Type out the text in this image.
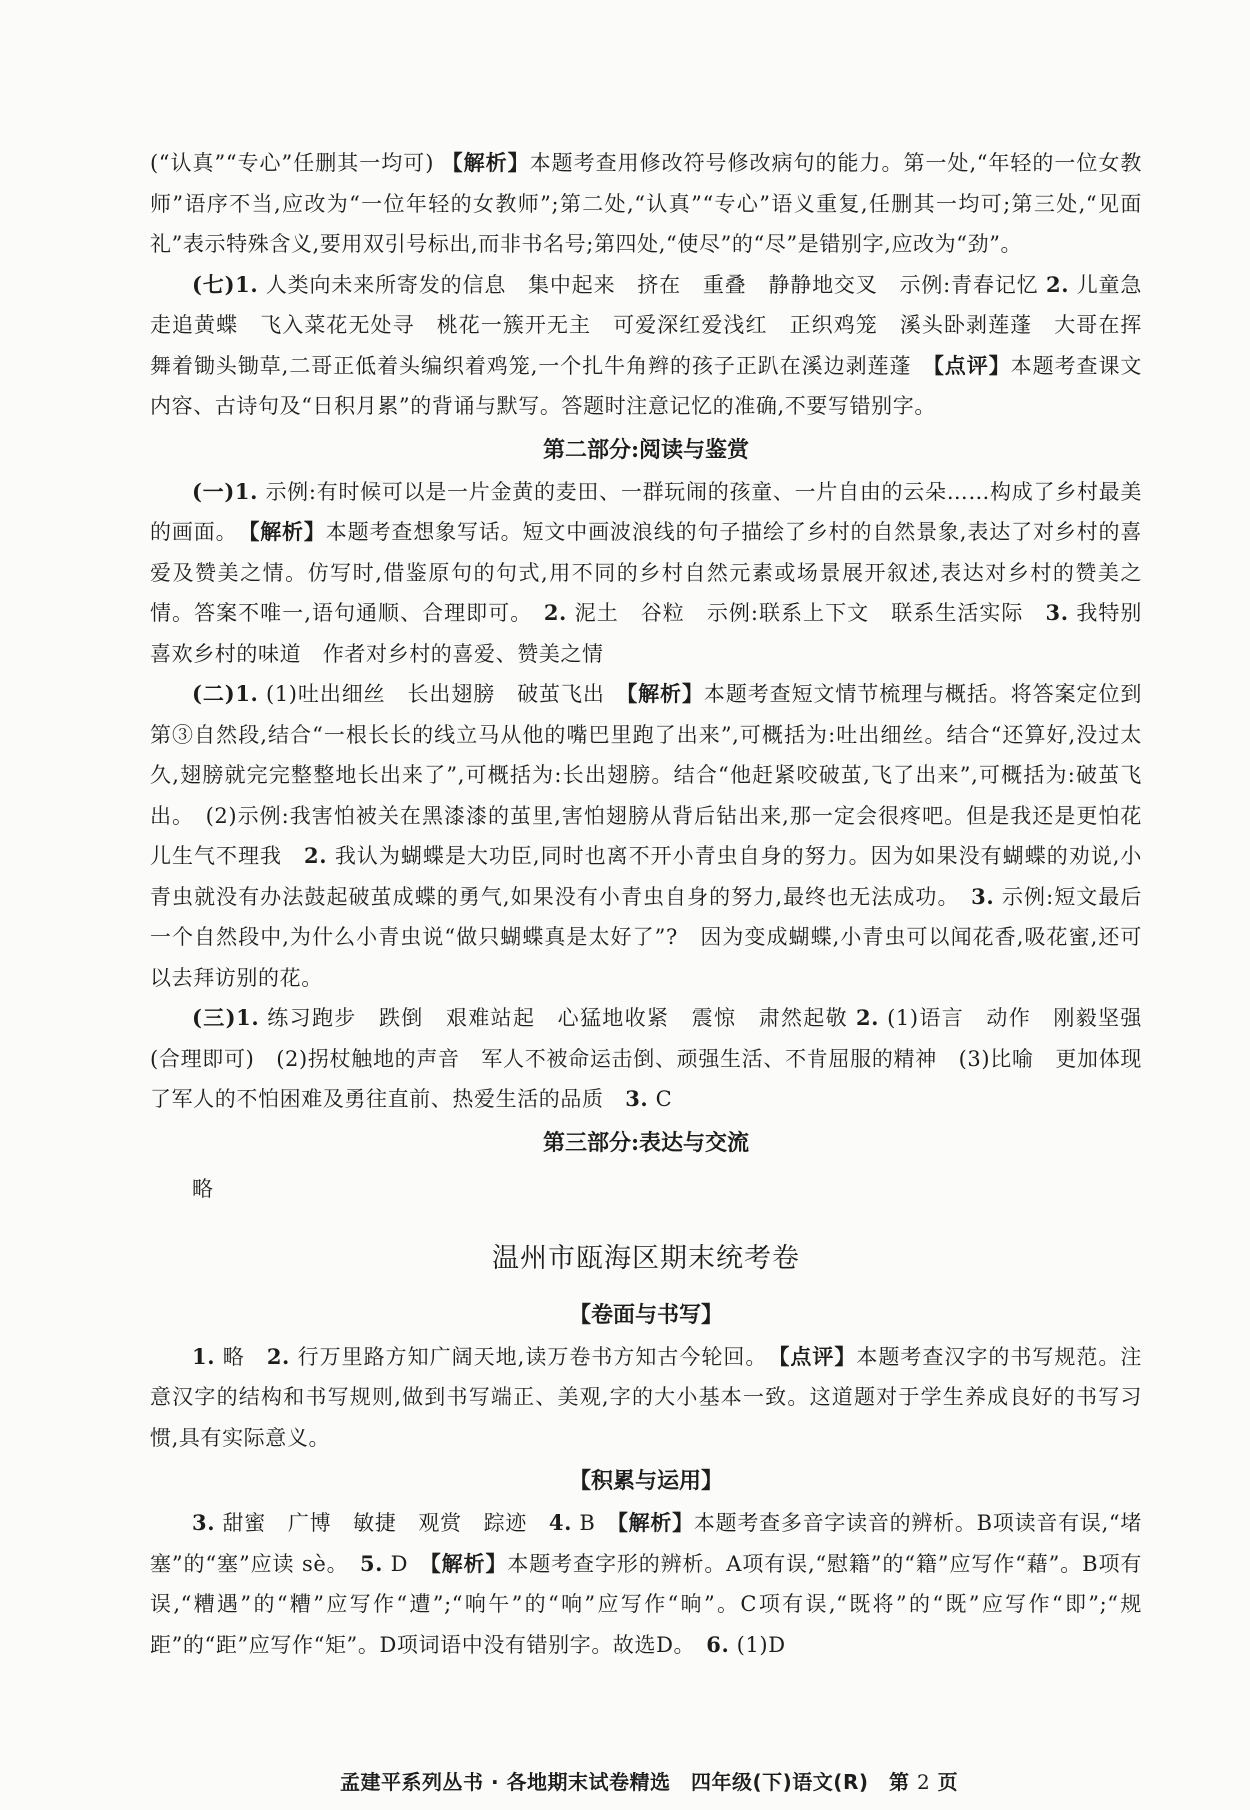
(“认真”“专心”任删其一均可) 【解析】本题考查用修改符号修改病句的能力。第一处,“年轻的一位女教师”语序不当,应改为“一位年轻的女教师”;第二处,“认真”“专心”语义重复,任删其一均可;第三处,“见面礼”表示特殊含义,要用双引号标出,而非书名号;第四处,“使尽”的“尽”是错别字,应改为“劲”。

(七)1. 人类向未来所寄发的信息　集中起来　挤在　重叠　静静地交叉　示例:青春记忆 2. 儿童急走追黄蝶　飞入菜花无处寻　桃花一簇开无主　可爱深红爱浅红　正织鸡笼　溪头卧剥莲蓬　大哥在挥舞着锄头锄草,二哥正低着头编织着鸡笼,一个扎牛角辫的孩子正趴在溪边剥莲蓬　【点评】本题考查课文内容、古诗句及“日积月累”的背诵与默写。答题时注意记忆的准确,不要写错别字。

第二部分:阅读与鉴赏

(一)1. 示例:有时候可以是一片金黄的麦田、一群玩闹的孩童、一片自由的云朵……构成了乡村最美的画面。　【解析】本题考查想象写话。短文中画波浪线的句子描绘了乡村的自然景象,表达了对乡村的喜爱及赞美之情。仿写时,借鉴原句的句式,用不同的乡村自然元素或场景展开叙述,表达对乡村的赞美之情。答案不唯一,语句通顺、合理即可。　2. 泥土　谷粒　示例:联系上下文　联系生活实际　3. 我特别喜欢乡村的味道　作者对乡村的喜爱、赞美之情

(二)1. (1)吐出细丝　长出翅膀　破茧飞出　【解析】本题考查短文情节梳理与概括。将答案定位到第③自然段,结合“一根长长的线立马从他的嘴巴里跑了出来”,可概括为:吐出细丝。结合“还算好,没过太久,翅膀就完完整整地长出来了”,可概括为:长出翅膀。结合“他赶紧咬破茧,飞了出来”,可概括为:破茧飞出。　(2)示例:我害怕被关在黑漆漆的茧里,害怕翅膀从背后钻出来,那一定会很疼吧。但是我还是更怕花儿生气不理我　2. 我认为蝴蝶是大功臣,同时也离不开小青虫自身的努力。因为如果没有蝴蝶的劝说,小青虫就没有办法鼓起破茧成蝶的勇气,如果没有小青虫自身的努力,最终也无法成功。　3. 示例:短文最后一个自然段中,为什么小青虫说“做只蝴蝶真是太好了”?　因为变成蝴蝶,小青虫可以闻花香,吸花蜜,还可以去拜访别的花。

(三)1. 练习跑步　跌倒　艰难站起　心猛地收紧　震惊　肃然起敬 2. (1)语言　动作　刚毅坚强(合理即可)　(2)拐杖触地的声音　军人不被命运击倒、顽强生活、不肯屈服的精神　(3)比喻　更加体现了军人的不怕困难及勇往直前、热爱生活的品质　3. C

第三部分:表达与交流
略
温州市瓯海区期末统考卷
【卷面与书写】

1. 略　2. 行万里路方知广阔天地,读万卷书方知古今轮回。　【点评】本题考查汉字的书写规范。注意汉字的结构和书写规则,做到书写端正、美观,字的大小基本一致。这道题对于学生养成良好的书写习惯,具有实际意义。

【积累与运用】

3. 甜蜜　广博　敏捷　观赏　踪迹　4. B　【解析】本题考查多音字读音的辨析。B项读音有误,“堵塞”的“塞”应读 sè。　5. D　【解析】本题考查字形的辨析。A项有误,“慰籍”的“籍”应写作“藉”。B项有误,“糟遇”的“糟”应写作“遭”;“响午”的“响”应写作“晌”。C项有误,“既将”的“既”应写作“即”;“规距”的“距”应写作“矩”。D项词语中没有错别字。故选D。　6. (1)D

孟建平系列丛书 · 各地期末试卷精选　四年级(下)语文(R)　第 2 页
